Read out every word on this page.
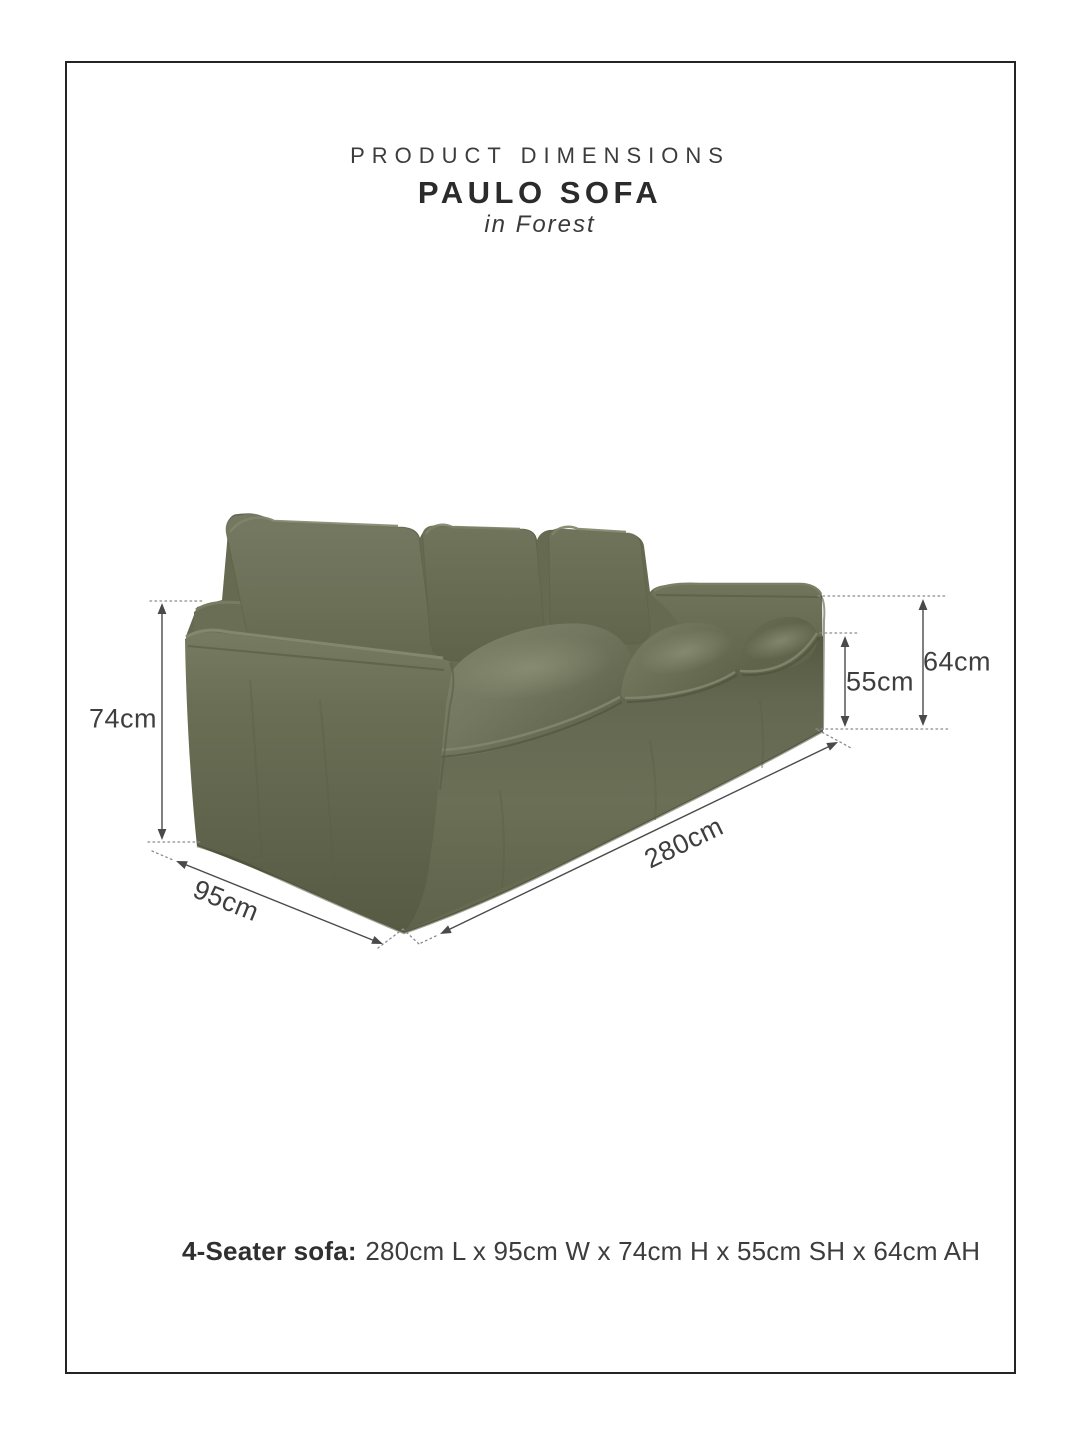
PRODUCT DIMENSIONS
PAULO SOFA
in Forest
74cm
95cm
280cm
55cm
64cm
4-Seater sofa: 280cm L x 95cm W x 74cm H x 55cm SH x 64cm AH
